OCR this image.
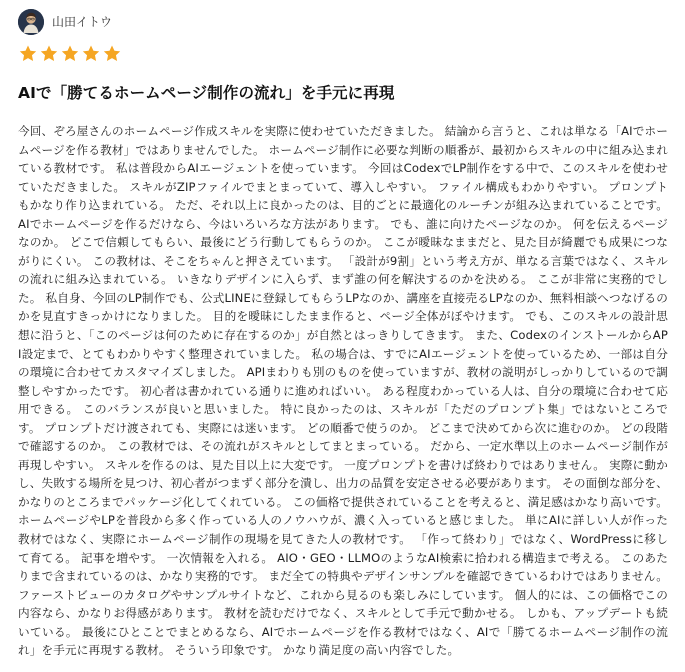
山田イトウ
AIで「勝てるホームページ制作の流れ」を手元に再現
今回、ぞろ屋さんのホームページ作成スキルを実際に使わせていただきました。 結論から言うと、これは単なる「AIでホームページを作る教材」ではありませんでした。 ホームページ制作に必要な判断の順番が、最初からスキルの中に組み込まれている教材です。 私は普段からAIエージェントを使っています。 今回はCodexでLP制作をする中で、このスキルを使わせていただきました。 スキルがZIPファイルでまとまっていて、導入しやすい。 ファイル構成もわかりやすい。 プロンプトもかなり作り込まれている。 ただ、それ以上に良かったのは、目的ごとに最適化のルーチンが組み込まれていることです。 AIでホームページを作るだけなら、今はいろいろな方法があります。 でも、誰に向けたページなのか。 何を伝えるページなのか。 どこで信頼してもらい、最後にどう行動してもらうのか。 ここが曖昧なままだと、見た目が綺麗でも成果につながりにくい。 この教材は、そこをちゃんと押さえています。 「設計が9割」という考え方が、単なる言葉ではなく、スキルの流れに組み込まれている。 いきなりデザインに入らず、まず誰の何を解決するのかを決める。 ここが非常に実務的でした。 私自身、今回のLP制作でも、公式LINEに登録してもらうLPなのか、講座を直接売るLPなのか、無料相談へつなげるのかを見直すきっかけになりました。 目的を曖昧にしたまま作ると、ページ全体がぼやけます。 でも、このスキルの設計思想に沿うと、「このページは何のために存在するのか」が自然とはっきりしてきます。 また、CodexのインストールからAPI設定まで、とてもわかりやすく整理されていました。 私の場合は、すでにAIエージェントを使っているため、一部は自分の環境に合わせてカスタマイズしました。 APIまわりも別のものを使っていますが、教材の説明がしっかりしているので調整しやすかったです。 初心者は書かれている通りに進めればいい。 ある程度わかっている人は、自分の環境に合わせて応用できる。 このバランスが良いと思いました。 特に良かったのは、スキルが「ただのプロンプト集」ではないところです。 プロンプトだけ渡されても、実際には迷います。 どの順番で使うのか。 どこまで決めてから次に進むのか。 どの段階で確認するのか。 この教材では、その流れがスキルとしてまとまっている。 だから、一定水準以上のホームページ制作が再現しやすい。 スキルを作るのは、見た目以上に大変です。 一度プロンプトを書けば終わりではありません。 実際に動かし、失敗する場所を見つけ、初心者がつまずく部分を潰し、出力の品質を安定させる必要があります。 その面倒な部分を、かなりのところまでパッケージ化してくれている。 この価格で提供されていることを考えると、満足感はかなり高いです。 ホームページやLPを普段から多く作っている人のノウハウが、濃く入っていると感じました。 単にAIに詳しい人が作った教材ではなく、実際にホームページ制作の現場を見てきた人の教材です。 「作って終わり」ではなく、WordPressに移して育てる。 記事を増やす。 一次情報を入れる。 AIO・GEO・LLMOのようなAI検索に拾われる構造まで考える。 このあたりまで含まれているのは、かなり実務的です。 まだ全ての特典やデザインサンプルを確認できているわけではありません。 ファーストビューのカタログやサンプルサイトなど、これから見るのも楽しみにしています。 個人的には、この価格でこの内容なら、かなりお得感があります。 教材を読むだけでなく、スキルとして手元で動かせる。 しかも、アップデートも続いている。 最後にひとことでまとめるなら、AIでホームページを作る教材ではなく、AIで「勝てるホームページ制作の流れ」を手元に再現する教材。 そういう印象です。 かなり満足度の高い内容でした。
